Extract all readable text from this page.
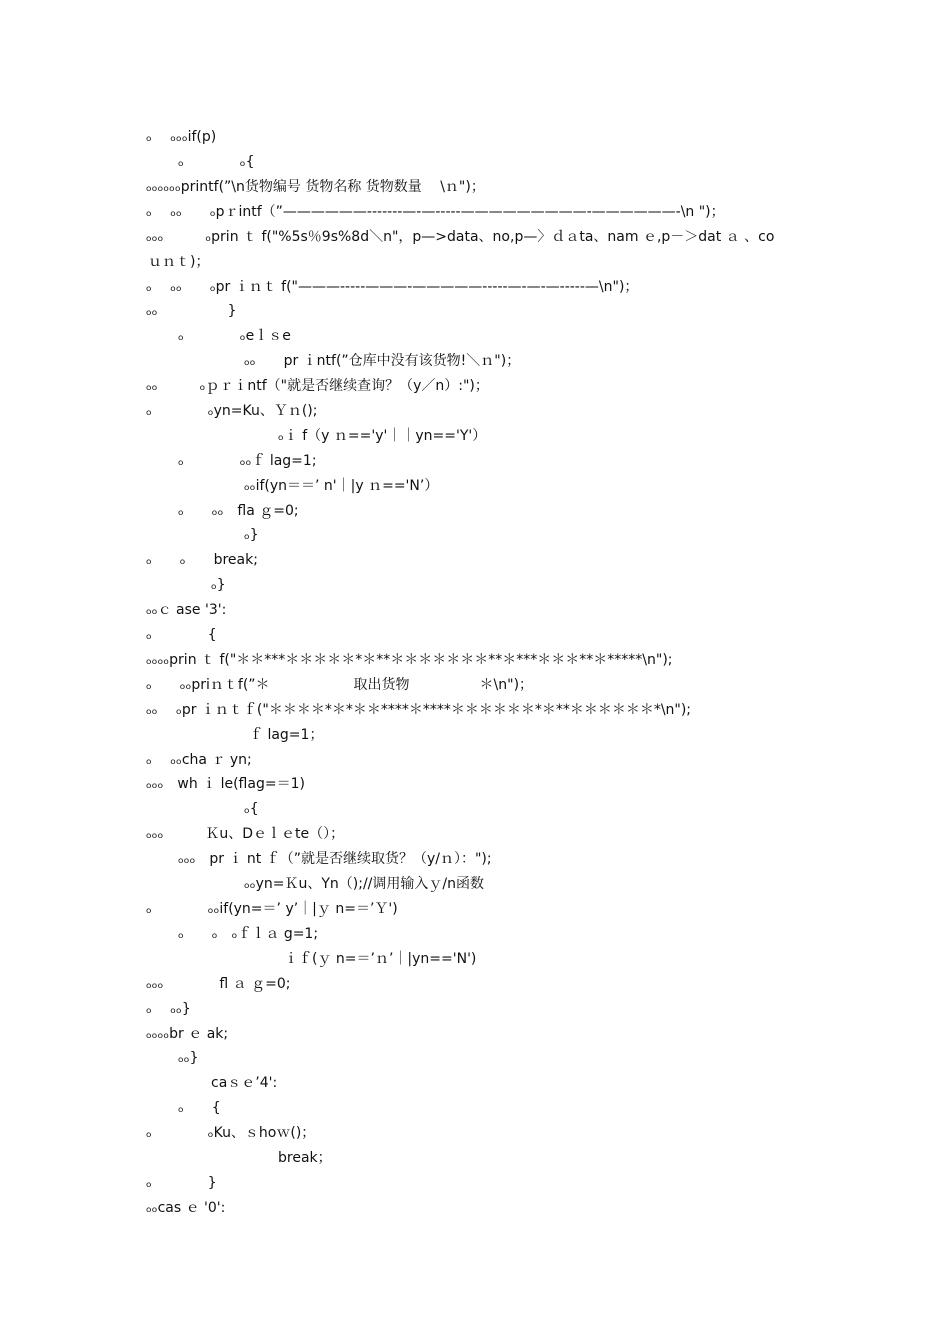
ₒ　 ₒₒₒif(p)
ₒ　　　　ₒ{
ₒₒₒₒₒₒprintf(”\n货物编号 货物名称 货物数量　 \ｎ")；
ₒ　 ₒₒ　　ₒpｒintf（”——————-------—-—-----—————————-——————-\n ")；
ₒₒₒ　　　ₒprin ｔ f("%5s％9s%8d＼n"，p—>data、no,p—〉ｄａta、nam ｅ,p－＞dat ａ 、co
ｕｎｔ)；
ₒ　 ₒₒ　　ₒpr ｉｎｔ f("———-----———-—————-----—-—-—-----—\n")；
ₒₒ　　　　　}
ₒ　　　　ₒeｌｓe
ₒₒ　　pr ｉntf(”仓库中没有该货物!＼ｎ")；
ₒₒ　　　ₒｐｒｉntf（"就是否继续查询？（y／n）:")；
ₒ　　　　ₒyn=Ku、Ｙｎ();
ₒｉ f（y ｎ=='y'｜｜yn=='Y'）
ₒ　　　　ₒₒｆ lag=1;
ₒₒif(yn＝＝’ n'｜|y ｎ=='N’）
ₒ　　ₒₒ　fla ｇ=0;
ₒ}
ₒ　　ₒ　　break;
ₒ}
ₒₒｃ ase '3':
ₒ　　　　{
ₒₒₒₒprin ｔ f("＊＊***＊＊＊＊＊*＊**＊＊＊＊＊＊＊**＊***＊＊＊**＊*****\n");
ₒ　　ₒₒpriｎｔf(”＊　　　　　　取出货物　　　　　＊\n")；
ₒₒ　 ₒpr ｉｎｔｆ("＊＊＊＊*＊*＊＊****＊****＊＊＊＊＊＊*＊**＊＊＊＊＊＊*\n");
ｆ lag=1；
ₒ　 ₒₒcha ｒ yn;
ₒₒₒ　wh ｉ le(flag=＝1)
ₒ{
ₒₒₒ　　　Ｋu、Dｅｌｅte（）；
ₒₒₒ　pr ｉ nt ｆ（”就是否继续取货？（y/ｎ）：");
ₒₒyn=Ｋu、Yn（);//调用输入ｙ/n函数
ₒ　　　　ₒₒif(yn=＝’ y’｜|ｙ n=＝’Ｙ')
ₒ　　ₒ　ₒｆｌａ g=1;
ｉｆ(ｙ n=＝’ｎ’｜|yn=='N')
ₒₒₒ　　　　fl ａ ｇ=0;
ₒ　 ₒₒ}
ₒₒₒₒbr ｅ ak;
ₒₒ}
caｓｅ’4':
ₒ　　{
ₒ　　　　ₒKu、ｓhoｗ()；
break；
ₒ　　　　}
ₒₒcas ｅ '0':
